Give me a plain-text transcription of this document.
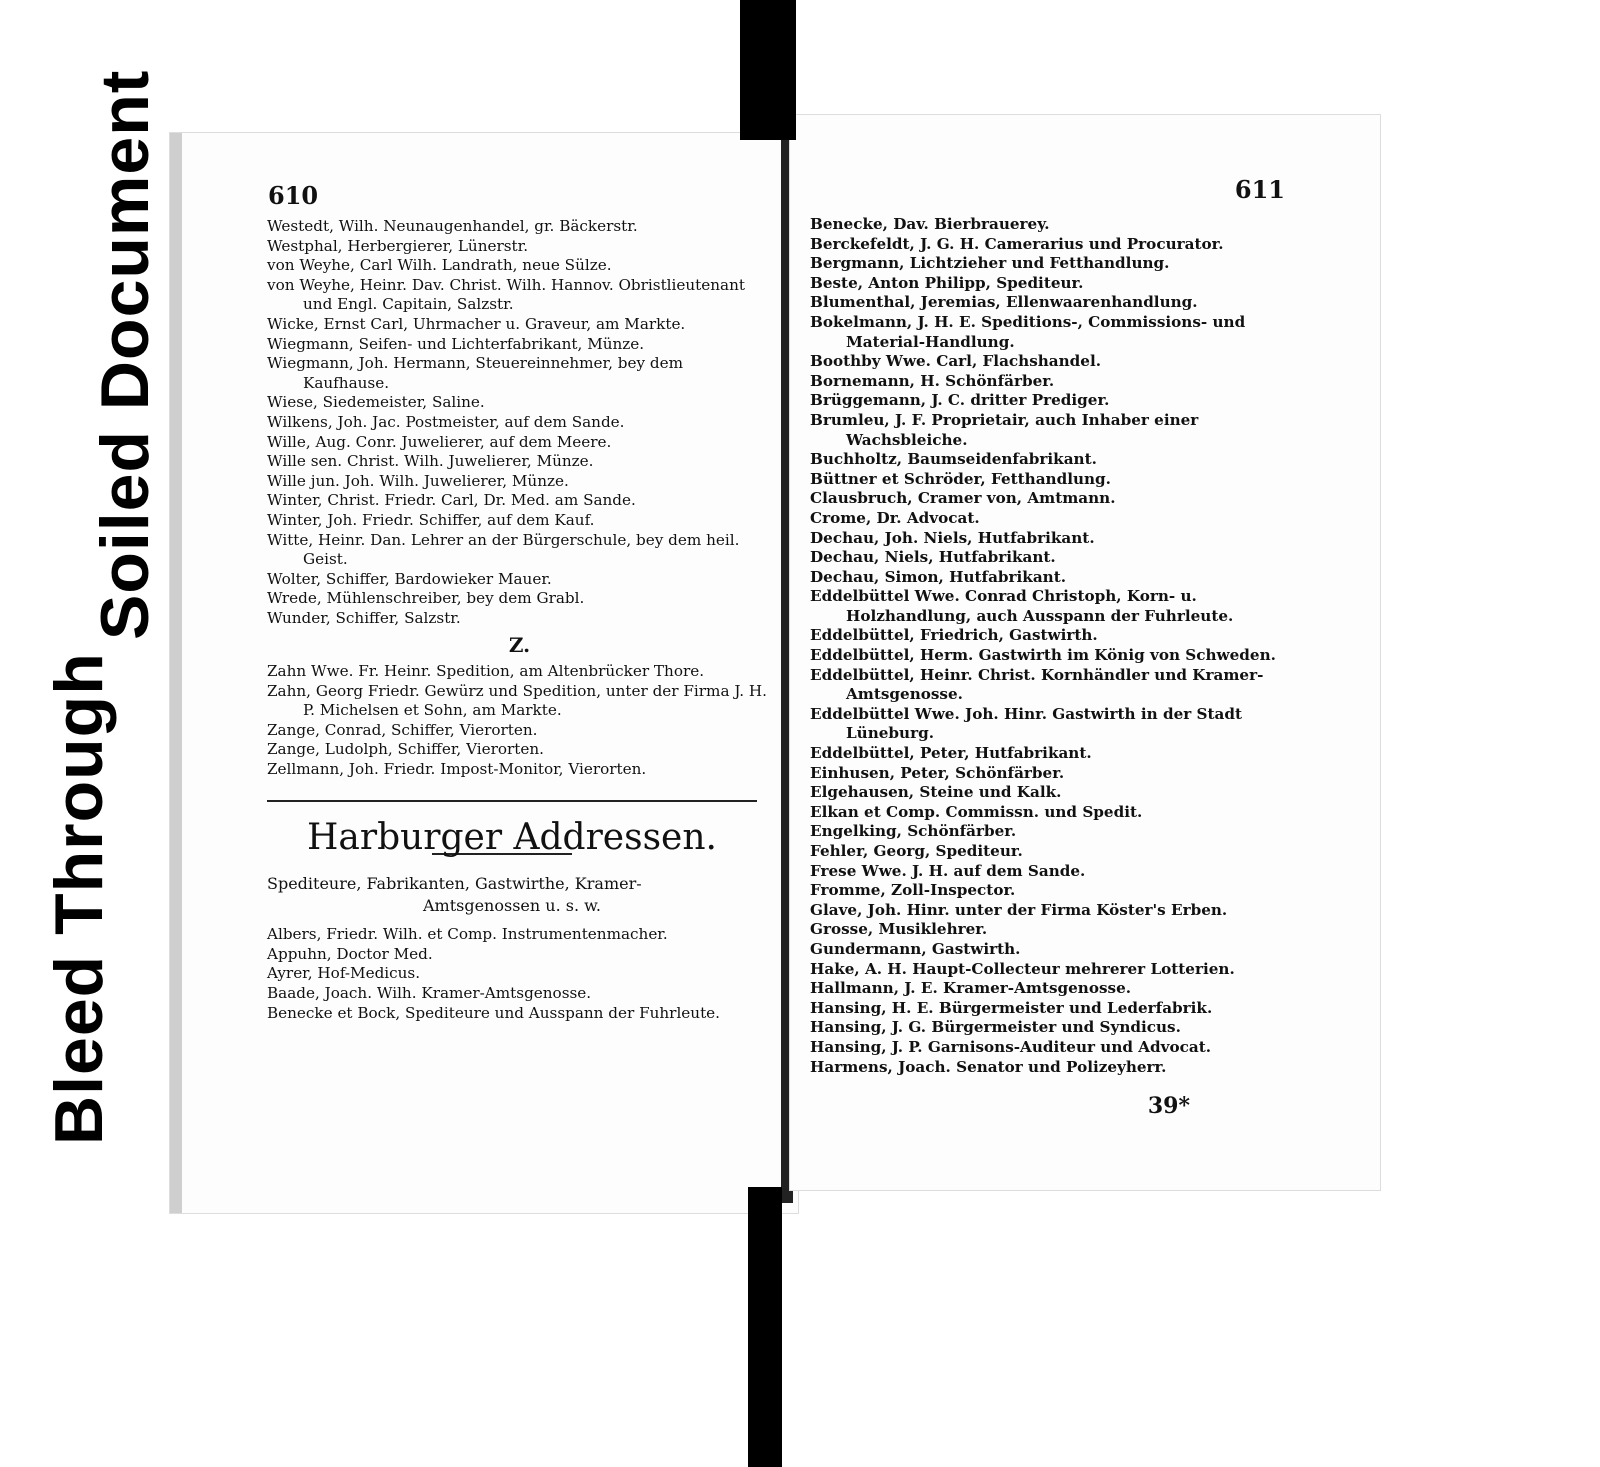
Soiled Document
Bleed Through
610

Westedt, Wilh. Neunaugenhandel, gr. Bäckerstr.

Westphal, Herbergierer, Lünerstr.

von Weyhe, Carl Wilh. Landrath, neue Sülze.

von Weyhe, Heinr. Dav. Christ. Wilh. Hannov. Obristlieutenant und Engl. Capitain, Salzstr.

Wicke, Ernst Carl, Uhrmacher u. Graveur, am Markte.

Wiegmann, Seifen- und Lichterfabrikant, Münze.

Wiegmann, Joh. Hermann, Steuereinnehmer, bey dem Kaufhause.

Wiese, Siedemeister, Saline.

Wilkens, Joh. Jac. Postmeister, auf dem Sande.

Wille, Aug. Conr. Juwelierer, auf dem Meere.

Wille sen. Christ. Wilh. Juwelierer, Münze.

Wille jun. Joh. Wilh. Juwelierer, Münze.

Winter, Christ. Friedr. Carl, Dr. Med. am Sande.

Winter, Joh. Friedr. Schiffer, auf dem Kauf.

Witte, Heinr. Dan. Lehrer an der Bürgerschule, bey dem heil. Geist.

Wolter, Schiffer, Bardowieker Mauer.

Wrede, Mühlenschreiber, bey dem Grabl.

Wunder, Schiffer, Salzstr.

Z.

Zahn Wwe. Fr. Heinr. Spedition, am Altenbrücker Thore.

Zahn, Georg Friedr. Gewürz und Spedition, unter der Firma J. H. P. Michelsen et Sohn, am Markte.

Zange, Conrad, Schiffer, Vierorten.

Zange, Ludolph, Schiffer, Vierorten.

Zellmann, Joh. Friedr. Impost-Monitor, Vierorten.

Harburger Addressen.
Spediteure, Fabrikanten, Gastwirthe, Kramer-
Amtsgenossen u. s. w.

Albers, Friedr. Wilh. et Comp. Instrumentenmacher.

Appuhn, Doctor Med.

Ayrer, Hof-Medicus.

Baade, Joach. Wilh. Kramer-Amtsgenosse.

Benecke et Bock, Spediteure und Ausspann der Fuhrleute.

611

Benecke, Dav. Bierbrauerey.

Berckefeldt, J. G. H. Camerarius und Procurator.

Bergmann, Lichtzieher und Fetthandlung.

Beste, Anton Philipp, Spediteur.

Blumenthal, Jeremias, Ellenwaarenhandlung.

Bokelmann, J. H. E. Speditions-, Commissions- und Material-Handlung.

Boothby Wwe. Carl, Flachshandel.

Bornemann, H. Schönfärber.

Brüggemann, J. C. dritter Prediger.

Brumleu, J. F. Proprietair, auch Inhaber einer Wachsbleiche.

Buchholtz, Baumseidenfabrikant.

Büttner et Schröder, Fetthandlung.

Clausbruch, Cramer von, Amtmann.

Crome, Dr. Advocat.

Dechau, Joh. Niels, Hutfabrikant.

Dechau, Niels, Hutfabrikant.

Dechau, Simon, Hutfabrikant.

Eddelbüttel Wwe. Conrad Christoph, Korn- u. Holzhandlung, auch Ausspann der Fuhrleute.

Eddelbüttel, Friedrich, Gastwirth.

Eddelbüttel, Herm. Gastwirth im König von Schweden.

Eddelbüttel, Heinr. Christ. Kornhändler und Kramer-Amtsgenosse.

Eddelbüttel Wwe. Joh. Hinr. Gastwirth in der Stadt Lüneburg.

Eddelbüttel, Peter, Hutfabrikant.

Einhusen, Peter, Schönfärber.

Elgehausen, Steine und Kalk.

Elkan et Comp. Commissn. und Spedit.

Engelking, Schönfärber.

Fehler, Georg, Spediteur.

Frese Wwe. J. H. auf dem Sande.

Fromme, Zoll-Inspector.

Glave, Joh. Hinr. unter der Firma Köster's Erben.

Grosse, Musiklehrer.

Gundermann, Gastwirth.

Hake, A. H. Haupt-Collecteur mehrerer Lotterien.

Hallmann, J. E. Kramer-Amtsgenosse.

Hansing, H. E. Bürgermeister und Lederfabrik.

Hansing, J. G. Bürgermeister und Syndicus.

Hansing, J. P. Garnisons-Auditeur und Advocat.

Harmens, Joach. Senator und Polizeyherr.

39*
